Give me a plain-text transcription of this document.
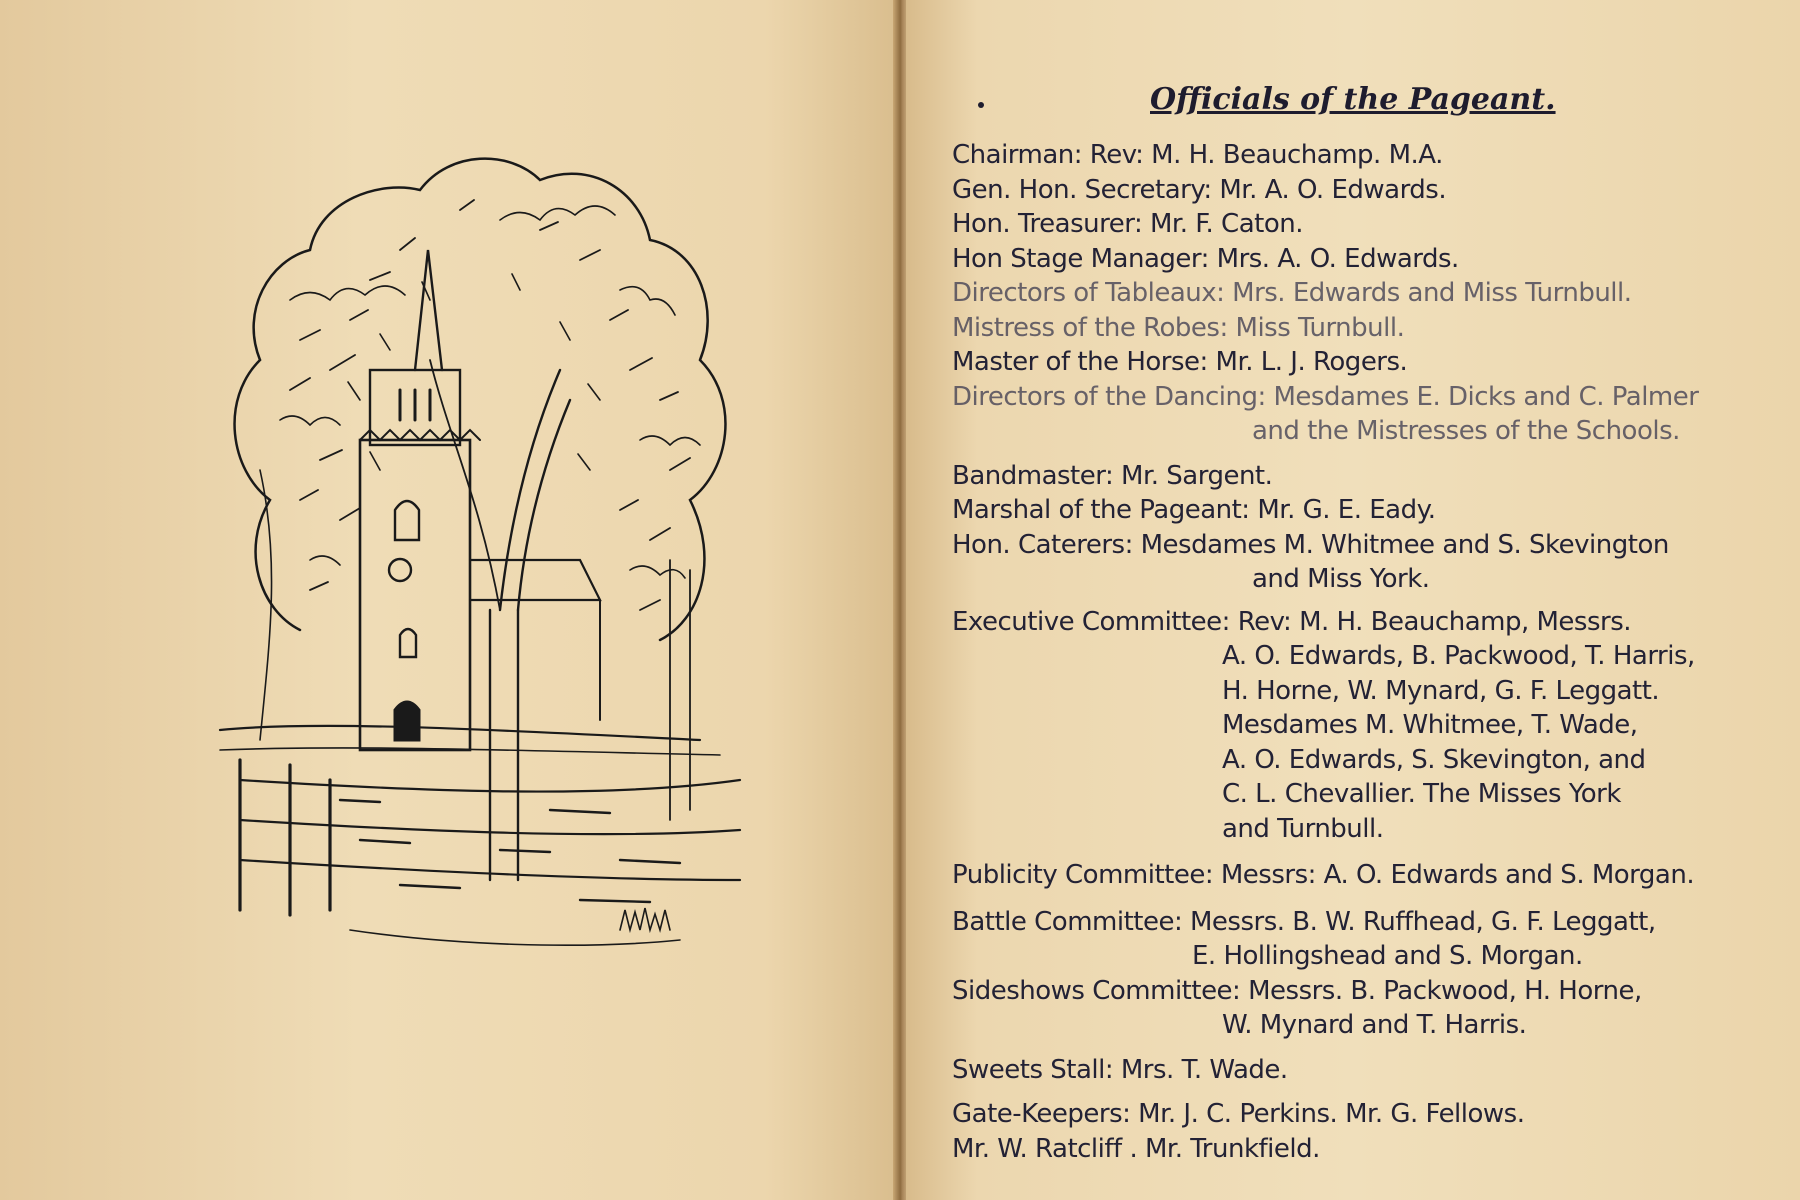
Officials of the Pageant.
Chairman: Rev: M. H. Beauchamp. M.A.
Gen. Hon. Secretary: Mr. A. O. Edwards.
Hon. Treasurer: Mr. F. Caton.
Hon Stage Manager: Mrs. A. O. Edwards.
Directors of Tableaux: Mrs. Edwards and Miss Turnbull.
Mistress of the Robes: Miss Turnbull.
Master of the Horse: Mr. L. J. Rogers.
Directors of the Dancing: Mesdames E. Dicks and C. Palmer
and the Mistresses of the Schools.
Bandmaster: Mr. Sargent.
Marshal of the Pageant: Mr. G. E. Eady.
Hon. Caterers: Mesdames M. Whitmee and S. Skevington
and Miss York.
Executive Committee: Rev: M. H. Beauchamp, Messrs.
A. O. Edwards, B. Packwood, T. Harris,
H. Horne, W. Mynard, G. F. Leggatt.
Mesdames M. Whitmee, T. Wade,
A. O. Edwards, S. Skevington, and
C. L. Chevallier. The Misses York
and Turnbull.
Publicity Committee: Messrs: A. O. Edwards and S. Morgan.
Battle Committee: Messrs. B. W. Ruffhead, G. F. Leggatt,
E. Hollingshead and S. Morgan.
Sideshows Committee: Messrs. B. Packwood, H. Horne,
W. Mynard and T. Harris.
Sweets Stall: Mrs. T. Wade.
Gate-Keepers: Mr. J. C. Perkins. Mr. G. Fellows.
Mr. W. Ratcliff . Mr. Trunkfield.
